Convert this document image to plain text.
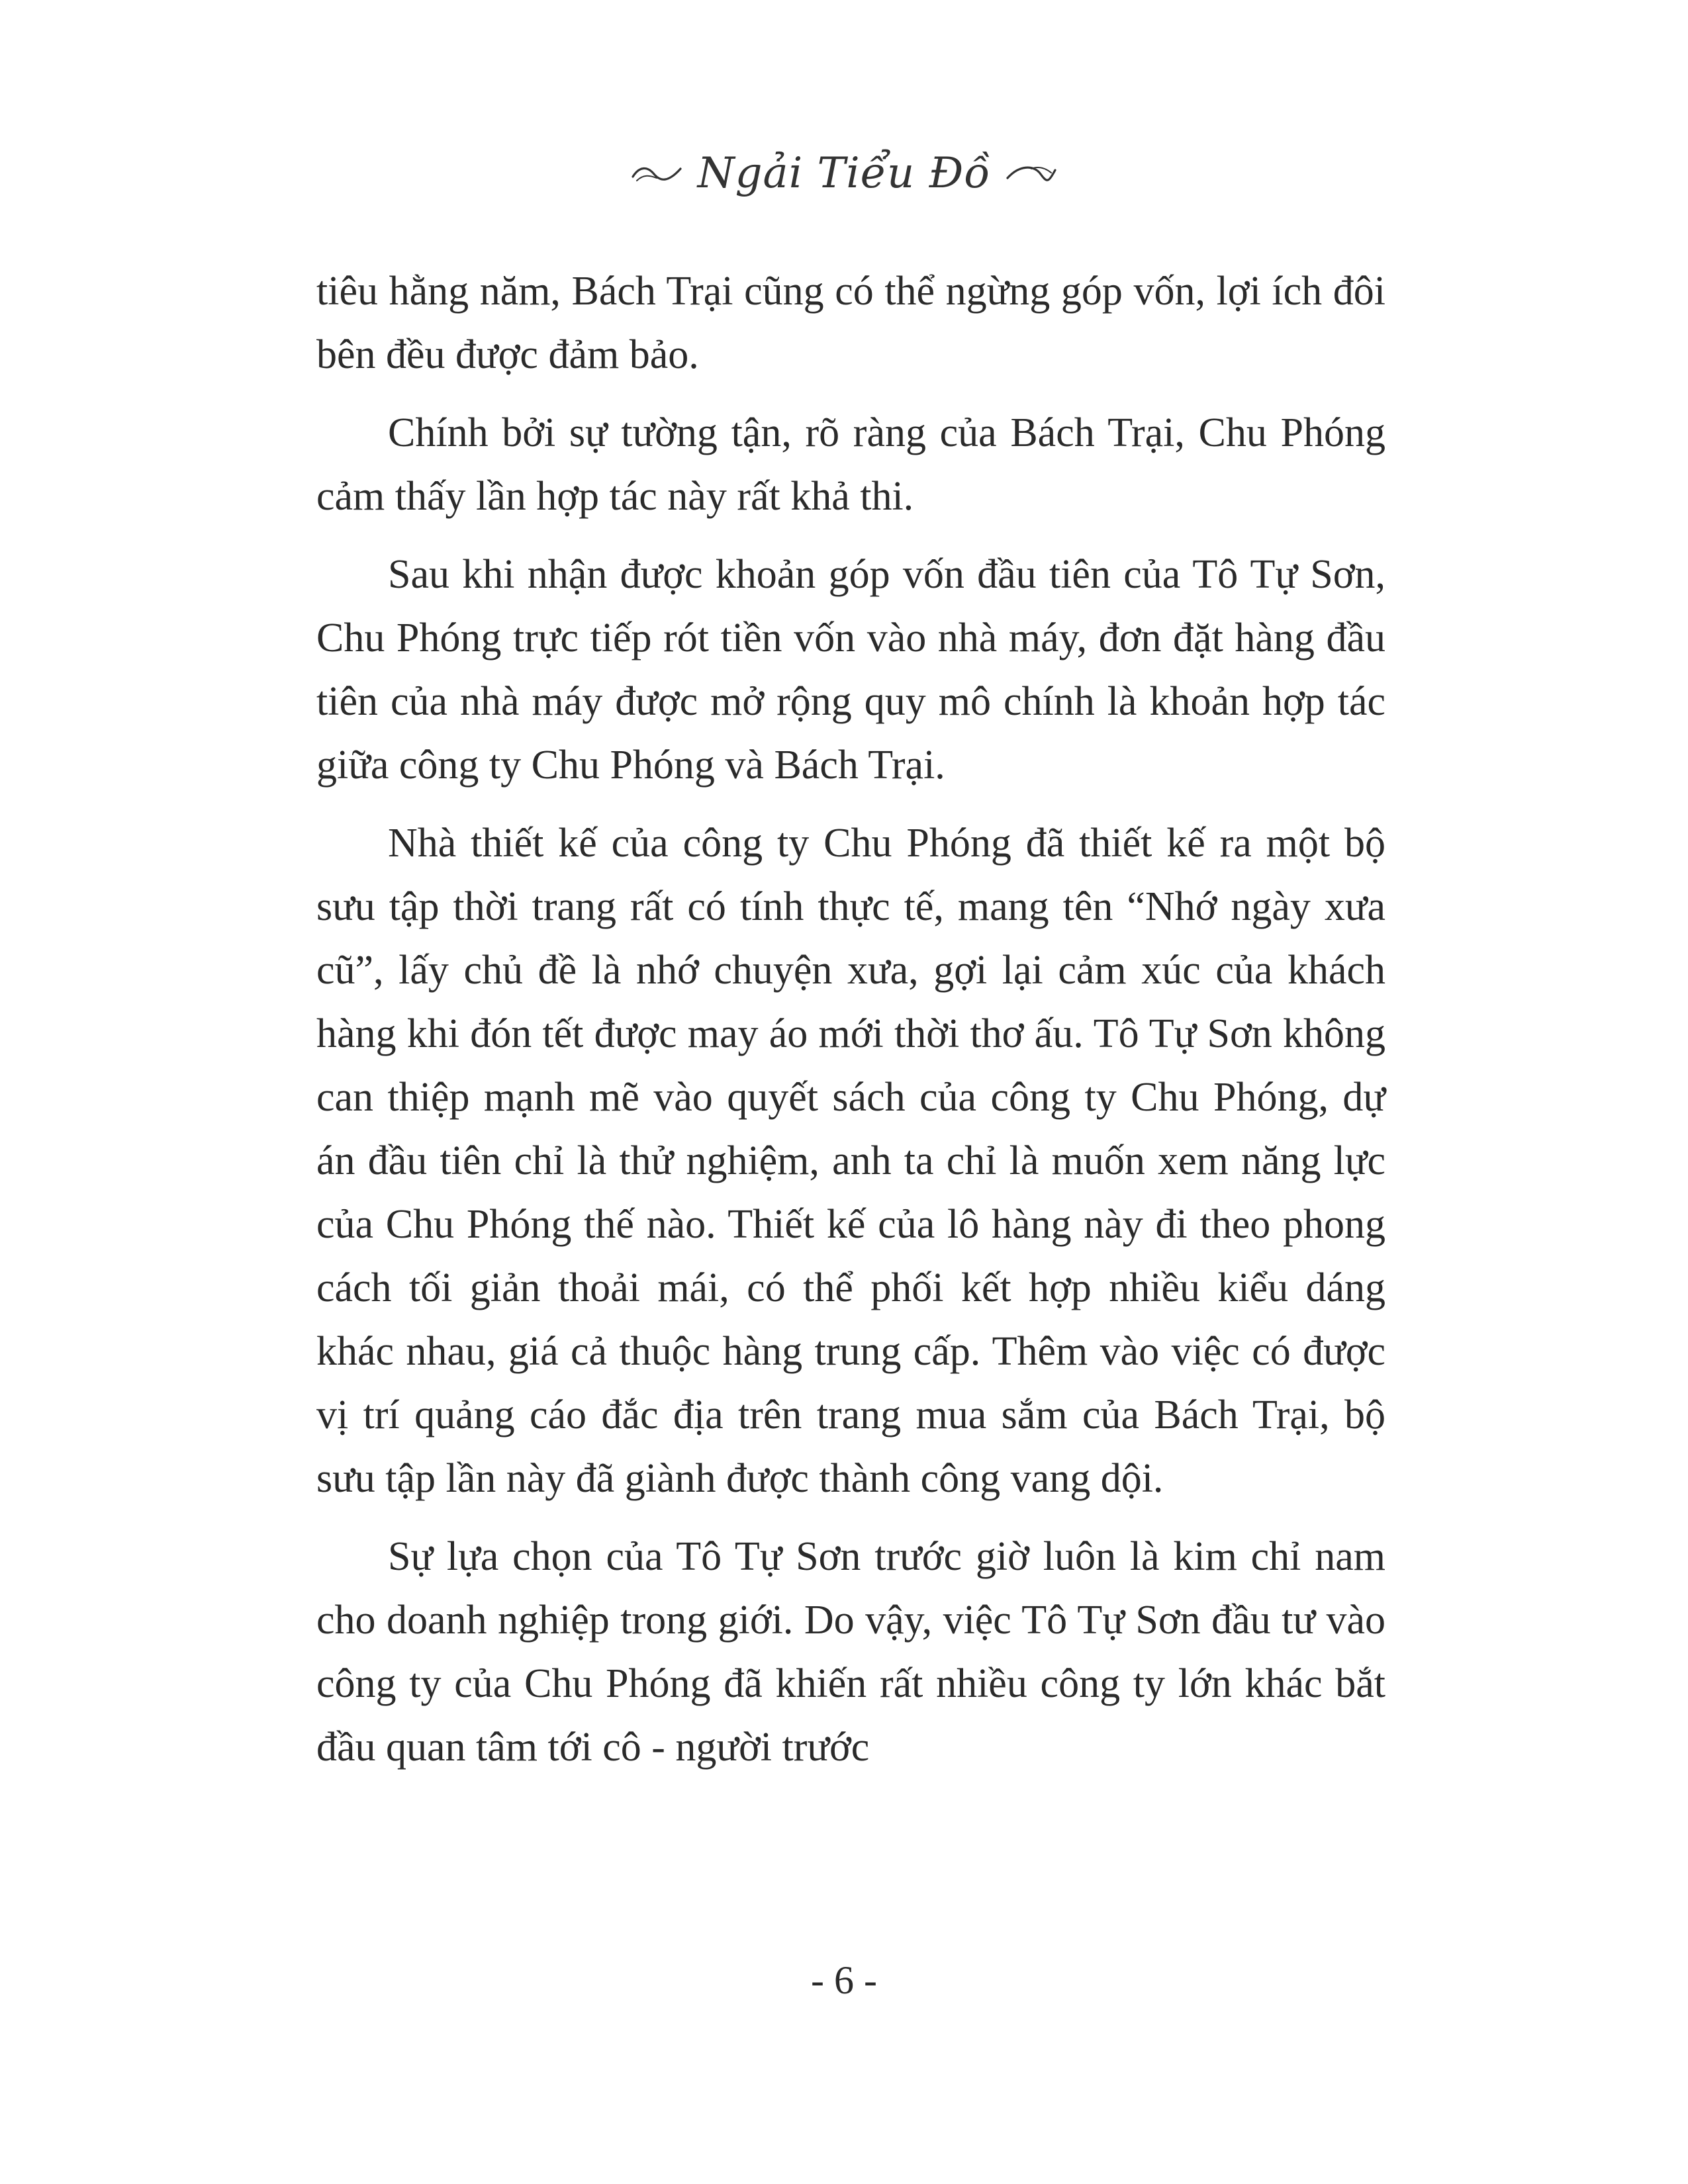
Ngải Tiểu Đồ

tiêu hằng năm, Bách Trại cũng có thể ngừng góp vốn, lợi ích đôi bên đều được đảm bảo.

Chính bởi sự tường tận, rõ ràng của Bách Trại, Chu Phóng cảm thấy lần hợp tác này rất khả thi.

Sau khi nhận được khoản góp vốn đầu tiên của Tô Tự Sơn, Chu Phóng trực tiếp rót tiền vốn vào nhà máy, đơn đặt hàng đầu tiên của nhà máy được mở rộng quy mô chính là khoản hợp tác giữa công ty Chu Phóng và Bách Trại.

Nhà thiết kế của công ty Chu Phóng đã thiết kế ra một bộ sưu tập thời trang rất có tính thực tế, mang tên “Nhớ ngày xưa cũ”, lấy chủ đề là nhớ chuyện xưa, gợi lại cảm xúc của khách hàng khi đón tết được may áo mới thời thơ ấu. Tô Tự Sơn không can thiệp mạnh mẽ vào quyết sách của công ty Chu Phóng, dự án đầu tiên chỉ là thử nghiệm, anh ta chỉ là muốn xem năng lực của Chu Phóng thế nào. Thiết kế của lô hàng này đi theo phong cách tối giản thoải mái, có thể phối kết hợp nhiều kiểu dáng khác nhau, giá cả thuộc hàng trung cấp. Thêm vào việc có được vị trí quảng cáo đắc địa trên trang mua sắm của Bách Trại, bộ sưu tập lần này đã giành được thành công vang dội.

Sự lựa chọn của Tô Tự Sơn trước giờ luôn là kim chỉ nam cho doanh nghiệp trong giới. Do vậy, việc Tô Tự Sơn đầu tư vào công ty của Chu Phóng đã khiến rất nhiều công ty lớn khác bắt đầu quan tâm tới cô - người trước

- 6 -
